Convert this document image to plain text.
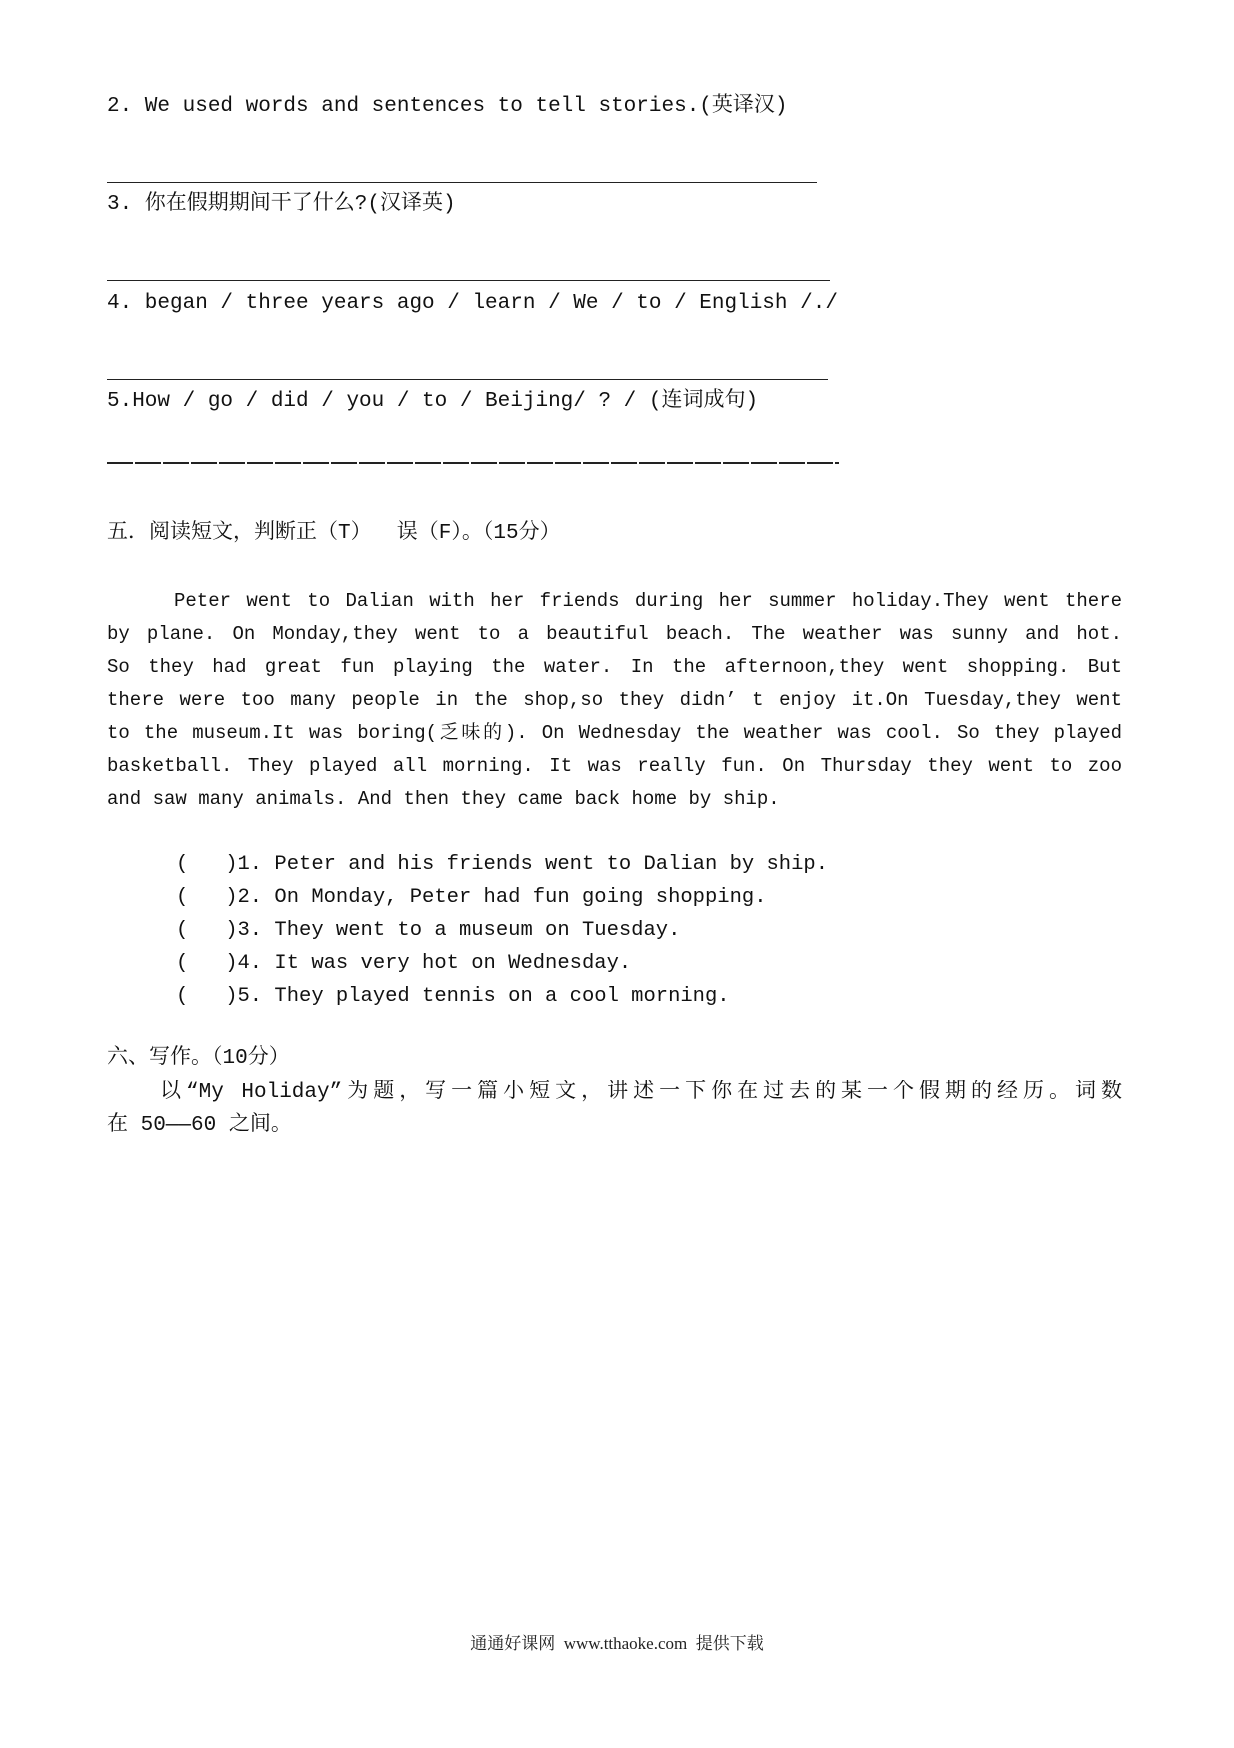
2. We used words and sentences to tell stories.(英译汉)
3. 你在假期期间干了什么?(汉译英)
4. began / three years ago / learn / We / to / English /./
5.How / go / did / you / to / Beijing/ ? / (连词成句)
五．阅读短文，判断正（T）  误（F）。（15分）
Peter went to Dalian with her friends during her summer holiday.They went there
by plane. On Monday,they went to a beautiful beach. The weather was sunny and hot.
So they had great fun playing the water. In the afternoon,they went shopping. But
there were too many people in the shop,so they didn’ t enjoy it.On Tuesday,they went
to the museum.It was boring(乏味的). On Wednesday the weather was cool. So they played
basketball. They played all morning. It was really fun. On Thursday they went to zoo
and saw many animals. And then they came back home by ship.
(   )1. Peter and his friends went to Dalian by ship.
(   )2. On Monday, Peter had fun going shopping.
(   )3. They went to a museum on Tuesday.
(   )4. It was very hot on Wednesday.
(   )5. They played tennis on a cool morning.
六、写作。（10分）
以“My Holiday”为题，写一篇小短文，讲述一下你在过去的某一个假期的经历。词数
在 50——60 之间。
通通好课网  www.tthaoke.com  提供下载
